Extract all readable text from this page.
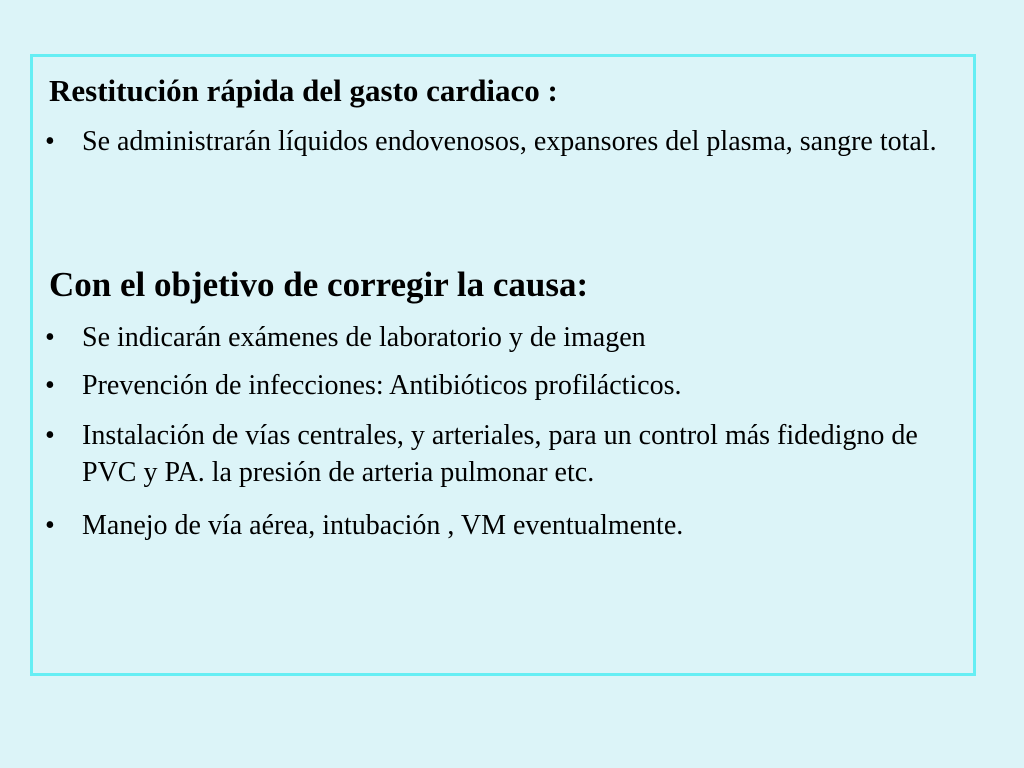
Restitución rápida del gasto cardiaco :

• Se administrarán líquidos endovenosos, expansores del plasma, sangre total.

Con el objetivo de corregir la causa:

• Se indicarán exámenes de laboratorio y de imagen

• Prevención de infecciones: Antibióticos profilácticos.

• Instalación de vías centrales, y arteriales, para un control más fidedigno de PVC y PA. la presión de arteria pulmonar etc.

• Manejo de vía aérea, intubación , VM eventualmente.
